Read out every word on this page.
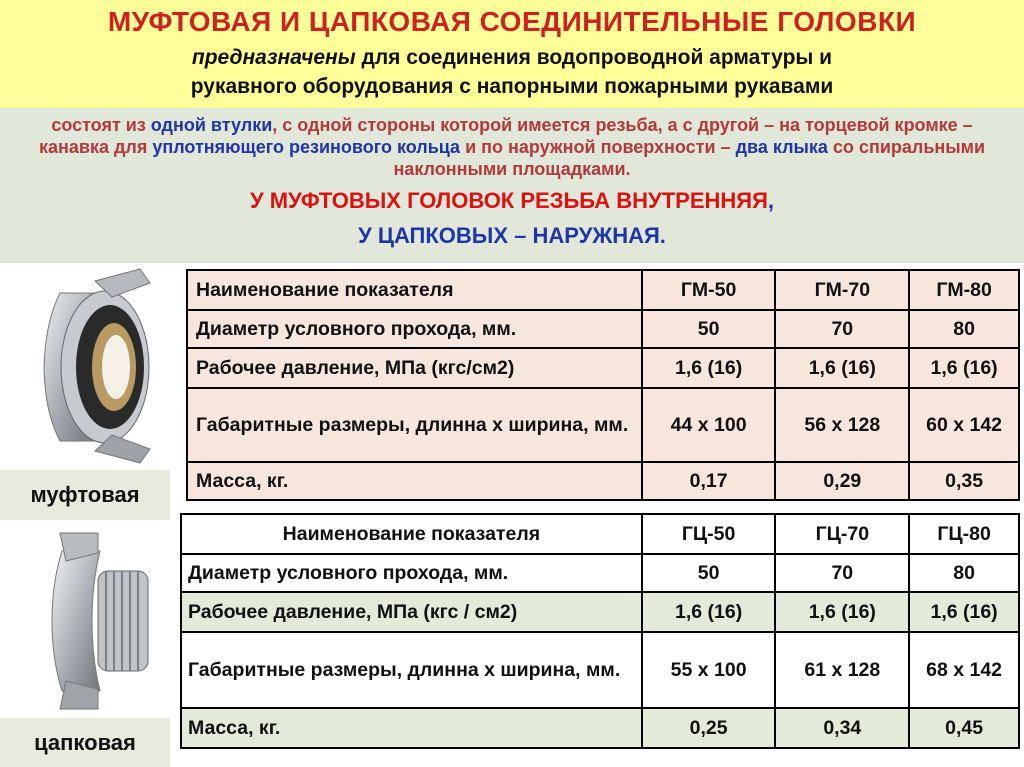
МУФТОВАЯ И ЦАПКОВАЯ СОЕДИНИТЕЛЬНЫЕ ГОЛОВКИ
предназначены для соединения водопроводной арматуры и
рукавного оборудования с напорными пожарными рукавами
состоят из одной втулки, с одной стороны которой имеется резьба, а с другой – на торцевой кромке – канавка для уплотняющего резинового кольца и по наружной поверхности – два клыка со спиральными наклонными площадками.
У МУФТОВЫХ ГОЛОВОК РЕЗЬБА ВНУТРЕННЯЯ,
У ЦАПКОВЫХ – НАРУЖНАЯ.
муфтовая
цапковая
Наименование показателя	ГМ-50	ГМ-70	ГМ-80
Диаметр условного прохода, мм.	50	70	80
Рабочее давление, МПа (кгс/см2)	1,6 (16)	1,6 (16)	1,6 (16)
Габаритные размеры, длинна х ширина, мм.	44 х 100	56 х 128	60 х 142
Масса, кг.	0,17	0,29	0,35
Наименование показателя	ГЦ-50	ГЦ-70	ГЦ-80
Диаметр условного прохода, мм.	50	70	80
Рабочее давление, МПа (кгс / см2)	1,6 (16)	1,6 (16)	1,6 (16)
Габаритные размеры, длинна х ширина, мм.	55 х 100	61 х 128	68 х 142
Масса, кг.	0,25	0,34	0,45
